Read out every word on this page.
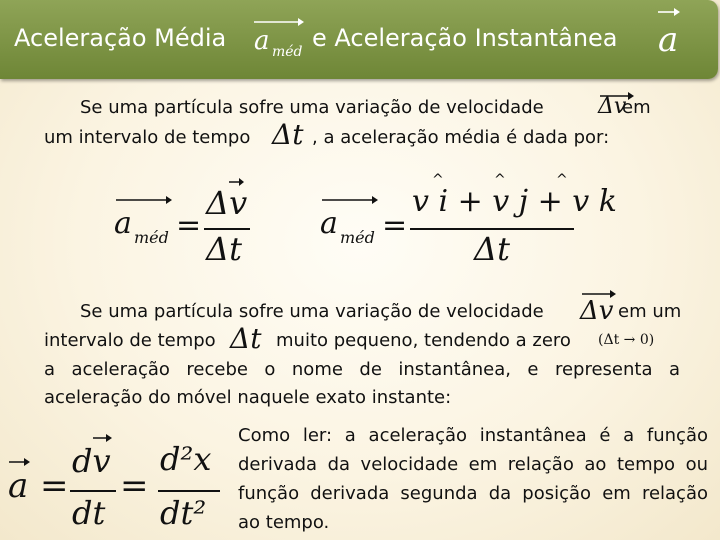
Aceleração Média a méd e Aceleração Instantânea a
Se uma partícula sofre uma variação de velocidade Δv
em
um intervalo de tempo Δt , a aceleração média é dada por:
a méd =
Δv
Δt
a méd =
^	^	^
v i + v j + v k
Δt
Se uma partícula sofre uma variação de velocidade Δv em um
intervalo de tempo Δt muito pequeno, tendendo a zero (Δt → 0)
a aceleração recebe o nome de instantânea, e representa a
aceleração do móvel naquele exato instante:
a =
dv
dt
=
d²x
dt²
Como ler: a aceleração instantânea é a função
derivada da velocidade em relação ao tempo ou
função derivada segunda da posição em relação
ao tempo.
